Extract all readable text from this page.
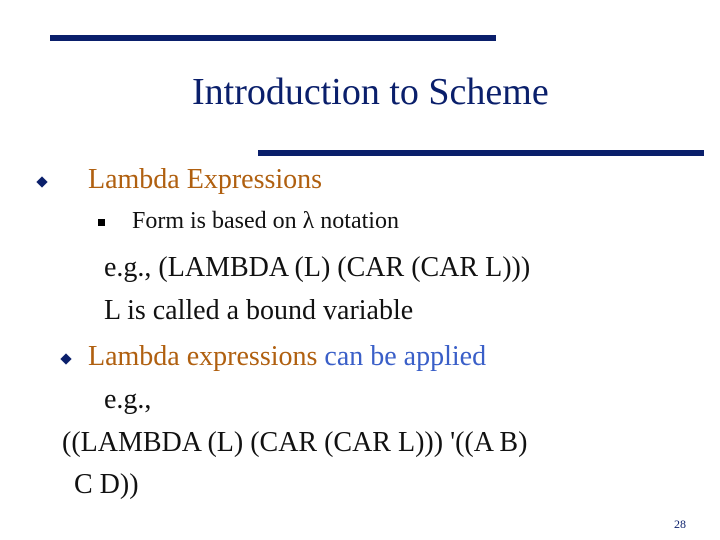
Introduction to Scheme
Lambda Expressions
Form is based on λ notation
e.g., (LAMBDA (L) (CAR (CAR L)))
L is called a bound variable
Lambda expressions can be applied
e.g.,
((LAMBDA (L) (CAR (CAR L))) '((A B)
C D))
28
